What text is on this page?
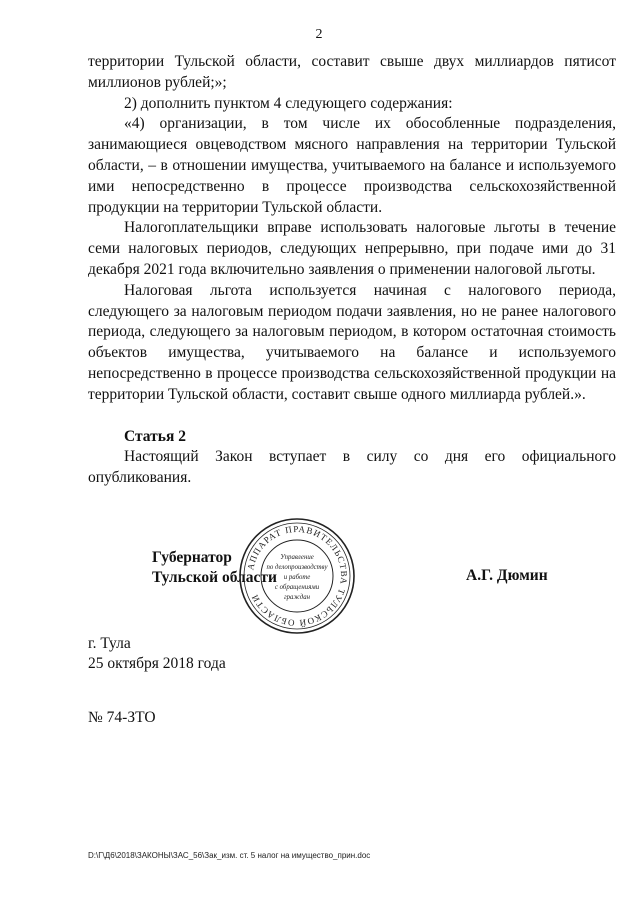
2

территории Тульской области, составит свыше двух миллиардов пятисот миллионов рублей;»;

2) дополнить пунктом 4 следующего содержания:

«4) организации, в том числе их обособленные подразделения, занимающиеся овцеводством мясного направления на территории Тульской области, – в отношении имущества, учитываемого на балансе и используемого ими непосредственно в процессе производства сельскохозяйственной продукции на территории Тульской области.

Налогоплательщики вправе использовать налоговые льготы в течение семи налоговых периодов, следующих непрерывно, при подаче ими до 31 декабря 2021 года включительно заявления о применении налоговой льготы.

Налоговая льгота используется начиная с налогового периода, следующего за налоговым периодом подачи заявления, но не ранее налогового периода, следующего за налоговым периодом, в котором остаточная стоимость объектов имущества, учитываемого на балансе и используемого непосредственно в процессе производства сельскохозяйственной продукции на территории Тульской области, составит свыше одного миллиарда рублей.».

Статья 2

Настоящий Закон вступает в силу со дня его официального опубликования.

Губернатор
Тульской области
АППАРАТ ПРАВИТЕЛЬСТВА ТУЛЬСКОЙ ОБЛАСТИ
Управление
по делопроизводству
и работе
с обращениями
граждан
А.Г. Дюмин
г. Тула
25 октября 2018 года
№ 74-ЗТО
D:\Г\Д6\2018\ЗАКОНЫ\ЗАС_56\Зак_изм. ст. 5 налог на имущество_прин.doc
